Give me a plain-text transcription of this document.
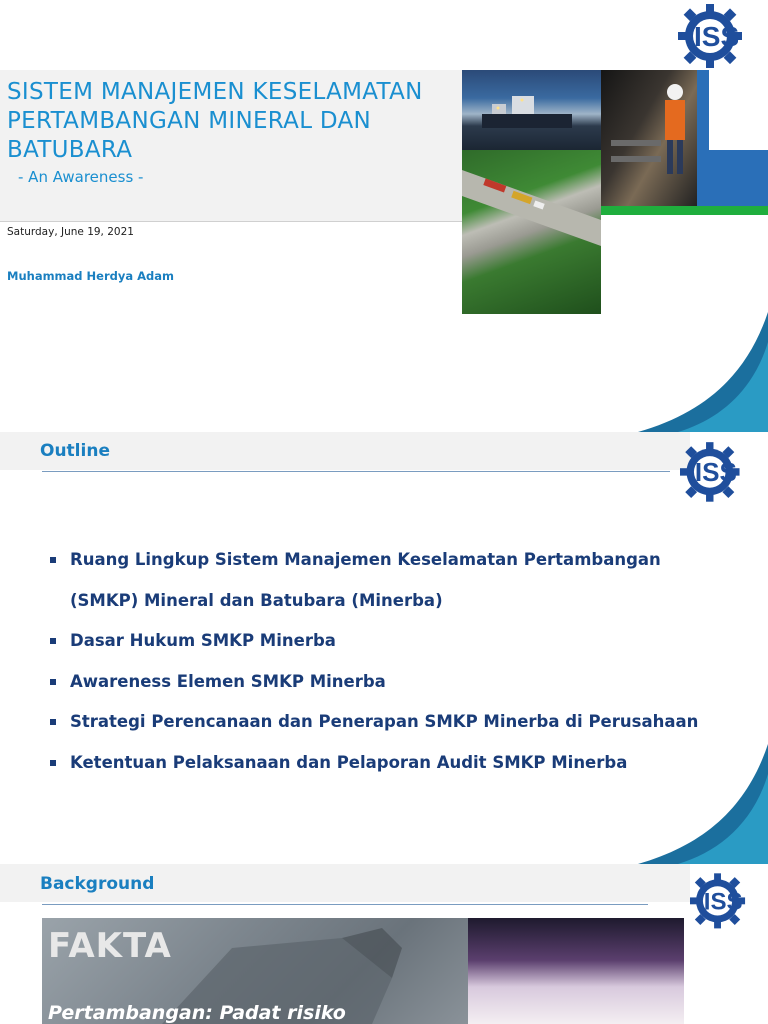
ISS
SISTEM MANAJEMEN KESELAMATAN PERTAMBANGAN MINERAL DAN BATUBARA
- An Awareness -
Saturday, June 19, 2021
Muhammad Herdya Adam
Outline
ISS
Ruang Lingkup Sistem Manajemen Keselamatan Pertambangan
(SMKP) Mineral dan Batubara (Minerba)
Dasar Hukum SMKP Minerba
Awareness Elemen SMKP Minerba
Strategi Perencanaan dan Penerapan SMKP Minerba di Perusahaan
Ketentuan Pelaksanaan dan Pelaporan Audit SMKP Minerba
Background
ISS
FAKTA
Pertambangan: Padat risiko
